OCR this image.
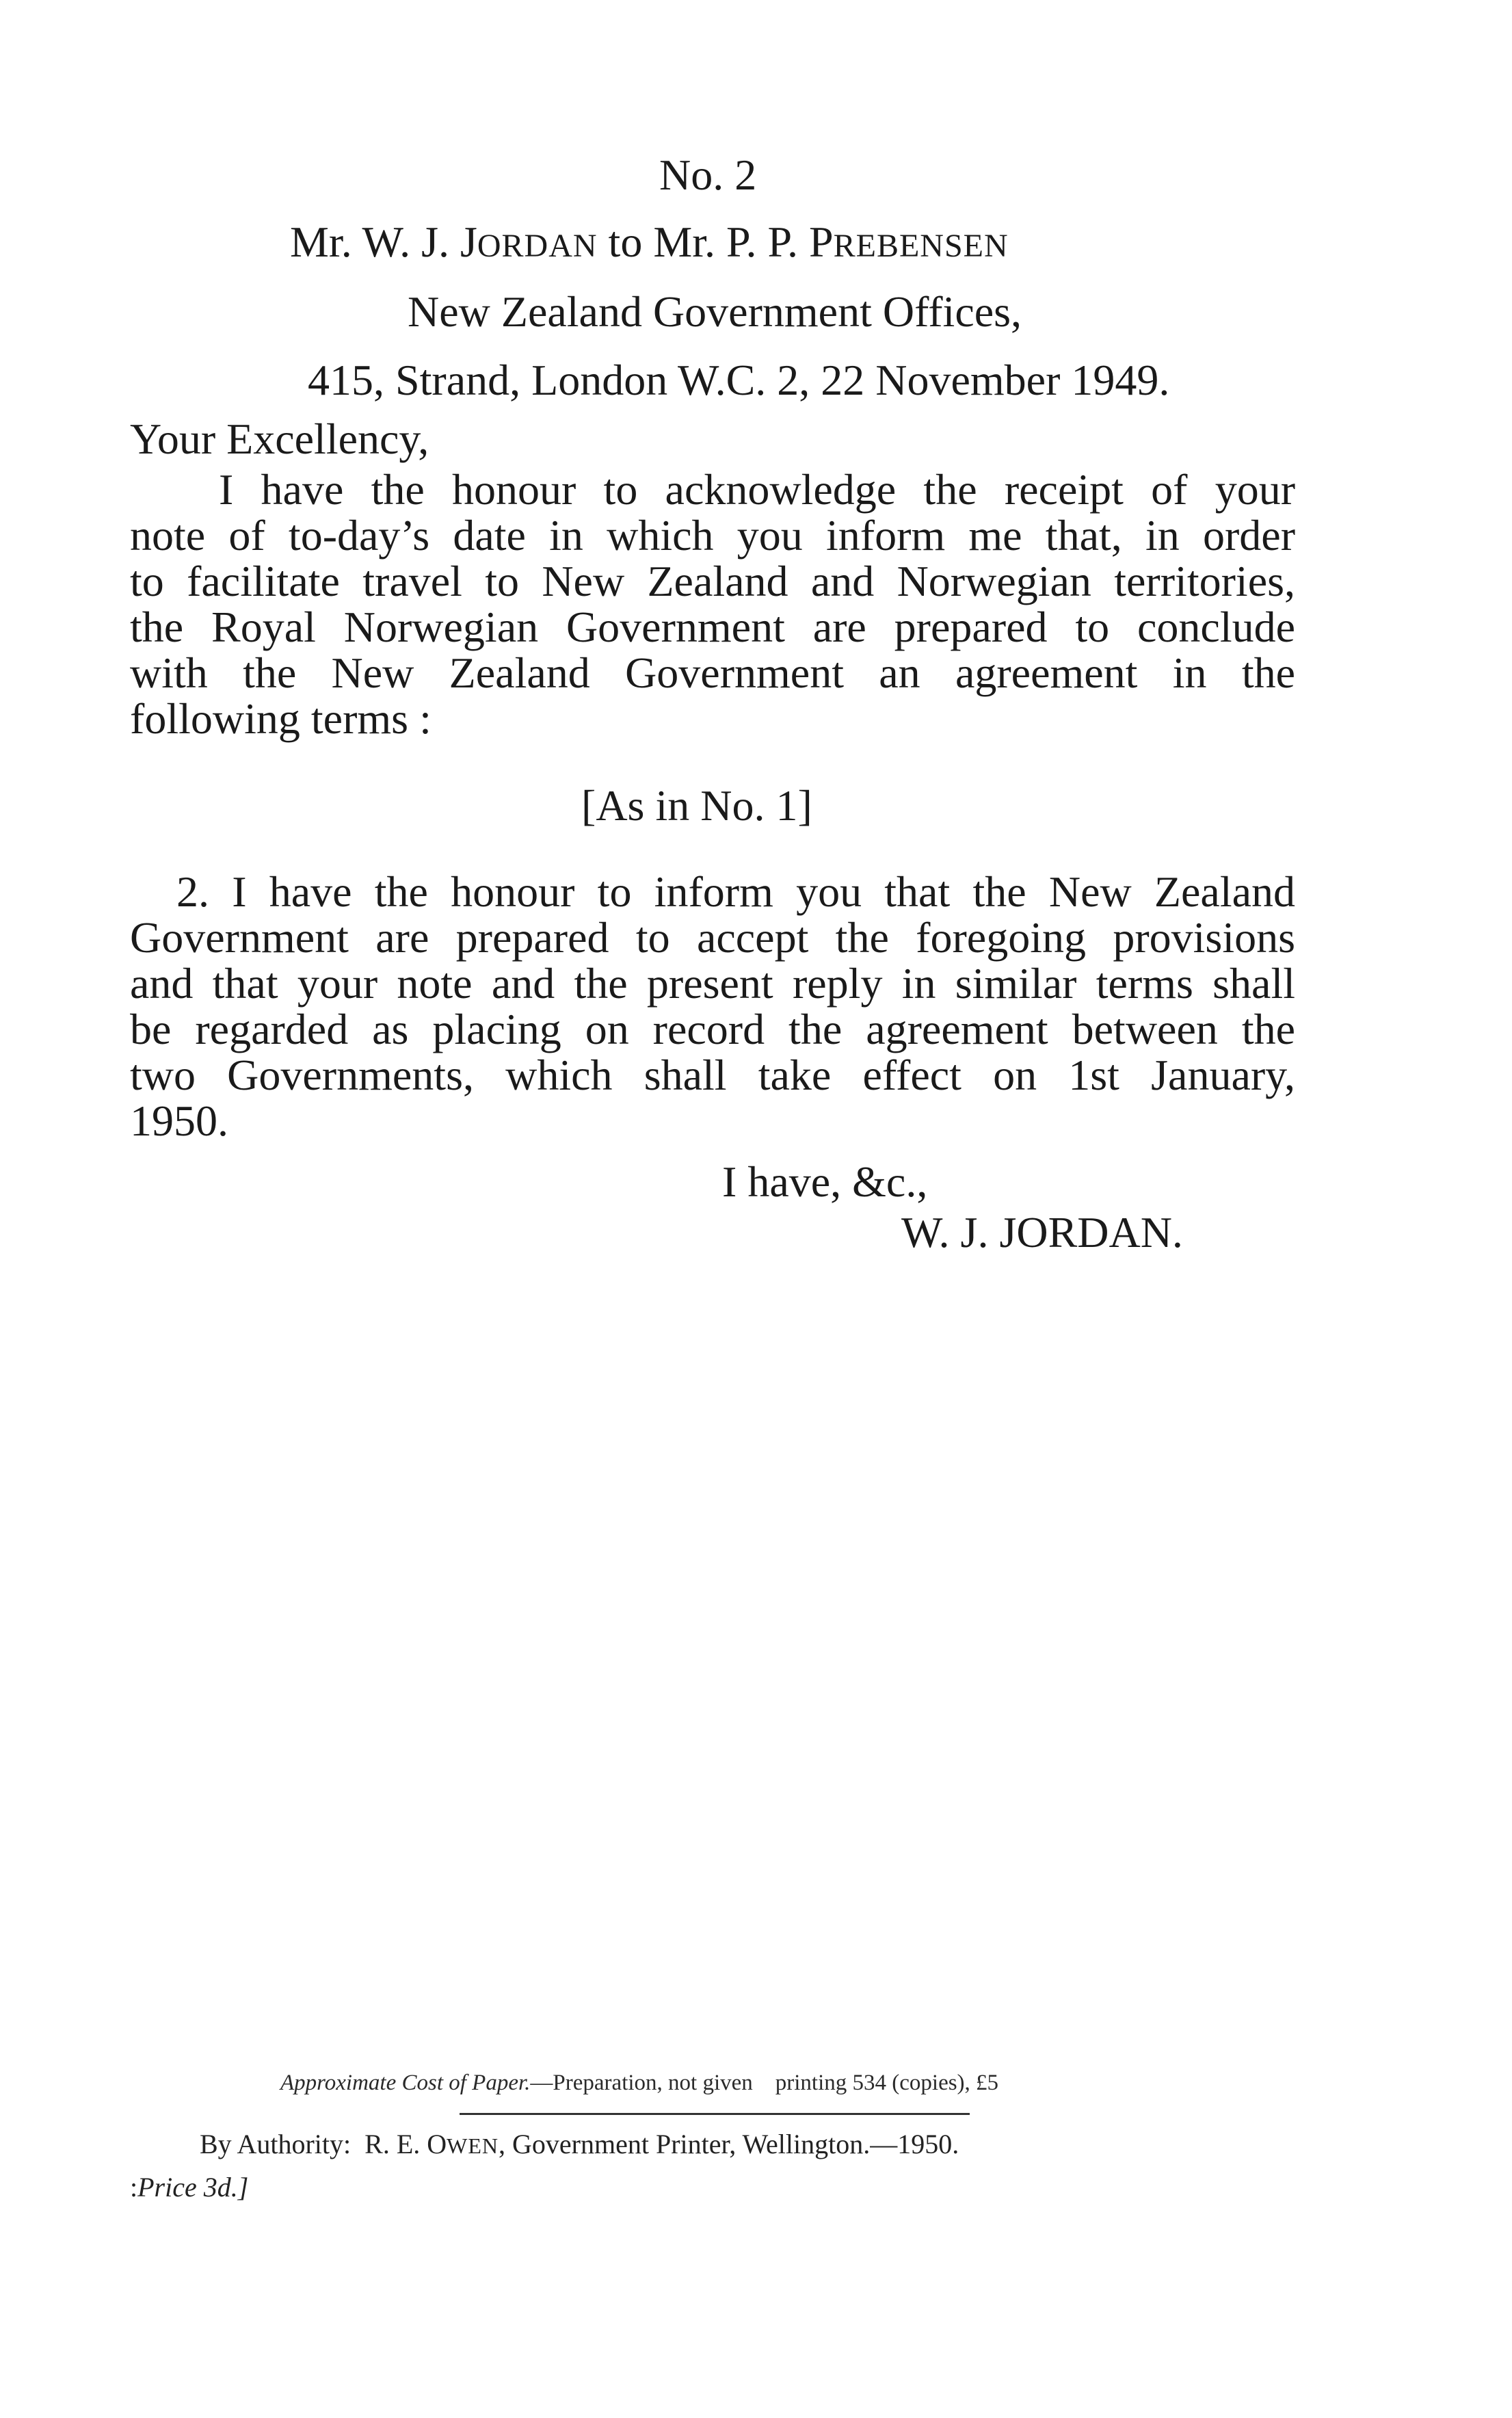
No. 2
Mr. W. J. JORDAN to Mr. P. P. PREBENSEN
New Zealand Government Offices,
415, Strand, London W.C. 2, 22 November 1949.
Your Excellency,
I have the honour to acknowledge the receipt of your
note of to-day’s date in which you inform me that, in order
to facilitate travel to New Zealand and Norwegian territories,
the Royal Norwegian Government are prepared to conclude
with the New Zealand Government an agreement in the
following terms :
[As in No. 1]
2. I have the honour to inform you that the New Zealand
Government are prepared to accept the foregoing provisions
and that your note and the present reply in similar terms shall
be regarded as placing on record the agreement between the
two Governments, which shall take effect on 1st January,
1950.
I have, &c.,
W. J. JORDAN.
Approximate Cost of Paper.—Preparation, not given    printing 534 (copies), £5
By Authority:  R. E. OWEN, Government Printer, Wellington.—1950.
:Price 3d.]
